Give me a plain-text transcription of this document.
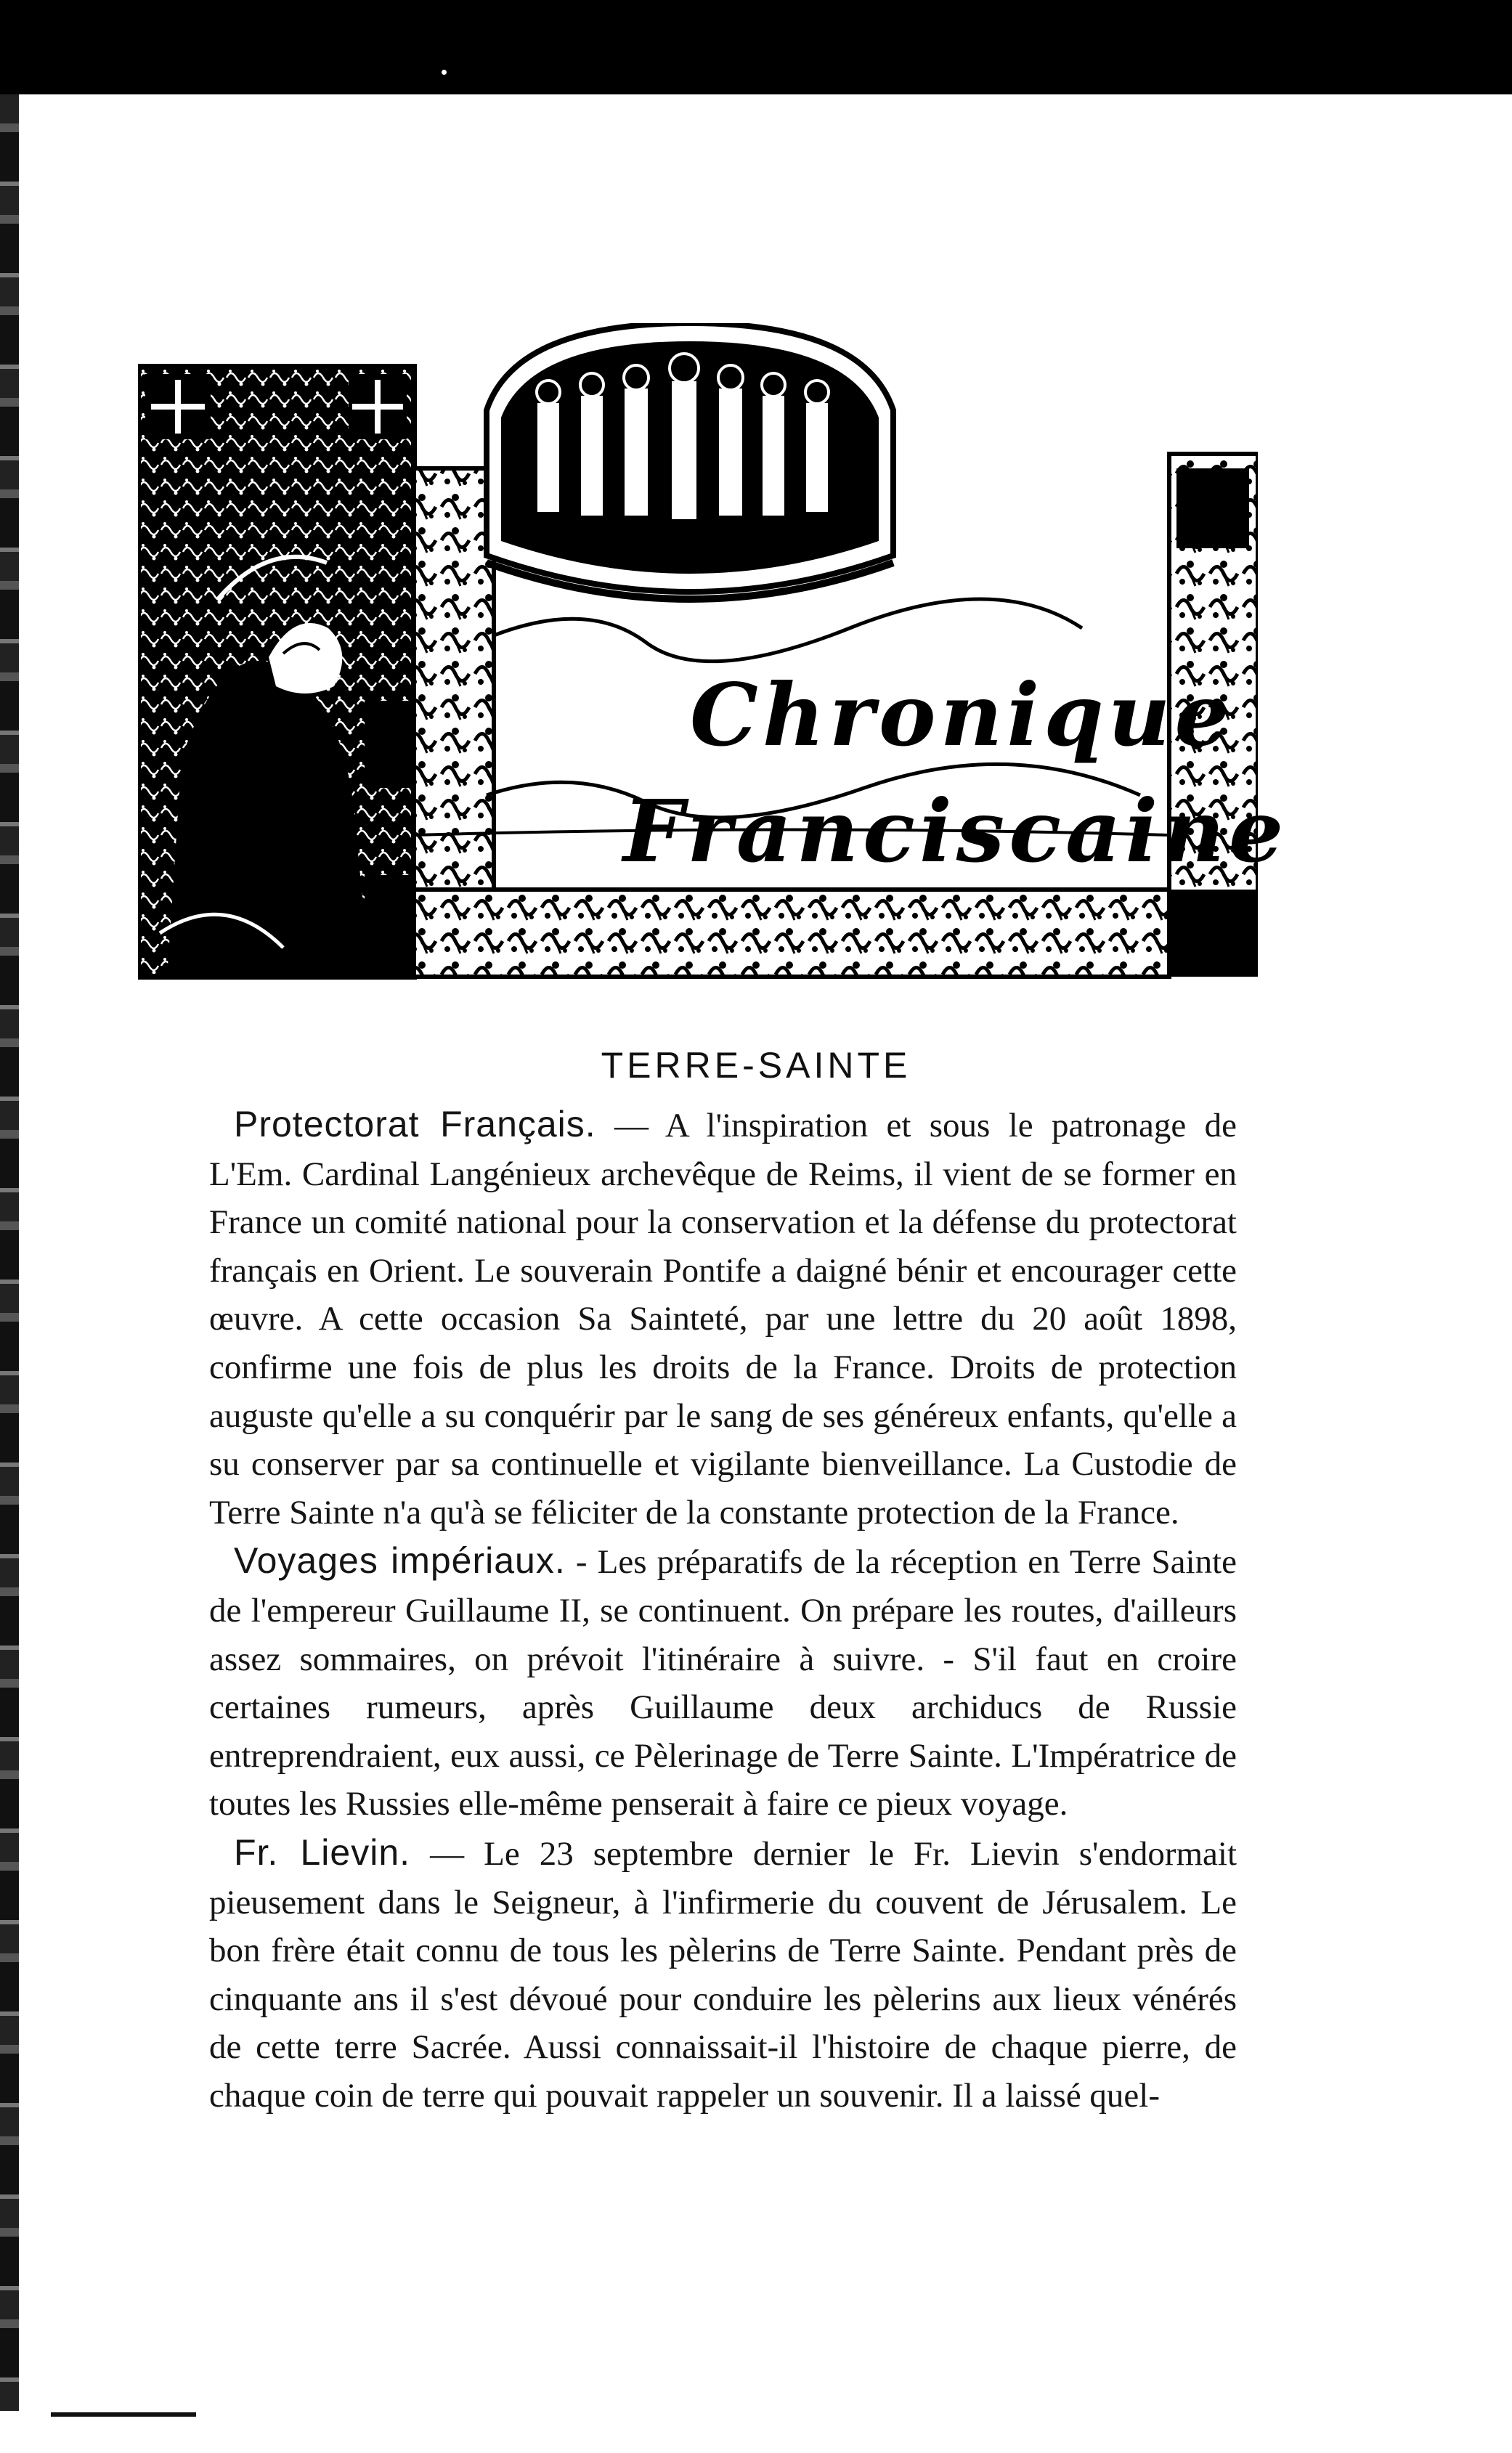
Chronique
Franciscaine
TERRE-SAINTE

Protectorat Français. — A l'inspiration et sous le patronage de L'Em. Cardinal Langénieux archevêque de Reims, il vient de se former en France un comité national pour la conservation et la défense du protectorat français en Orient. Le souverain Pontife a daigné bénir et encourager cette œuvre. A cette occasion Sa Sainteté, par une lettre du 20 août 1898, confirme une fois de plus les droits de la France. Droits de protection auguste qu'elle a su conquérir par le sang de ses généreux enfants, qu'elle a su conserver par sa continuelle et vigilante bienveillance. La Custodie de Terre Sainte n'a qu'à se féliciter de la constante protection de la France.

Voyages impériaux. - Les préparatifs de la réception en Terre Sainte de l'empereur Guillaume II, se continuent. On prépare les routes, d'ailleurs assez sommaires, on prévoit l'itinéraire à suivre. - S'il faut en croire certaines rumeurs, après Guillaume deux archiducs de Russie entreprendraient, eux aussi, ce Pèlerinage de Terre Sainte. L'Impératrice de toutes les Russies elle-même penserait à faire ce pieux voyage.

Fr. Lievin. — Le 23 septembre dernier le Fr. Lievin s'endormait pieusement dans le Seigneur, à l'infirmerie du couvent de Jérusalem. Le bon frère était connu de tous les pèlerins de Terre Sainte. Pendant près de cinquante ans il s'est dévoué pour conduire les pèlerins aux lieux vénérés de cette terre Sacrée. Aussi connaissait-il l'histoire de chaque pierre, de chaque coin de terre qui pouvait rappeler un souvenir. Il a laissé quel-
